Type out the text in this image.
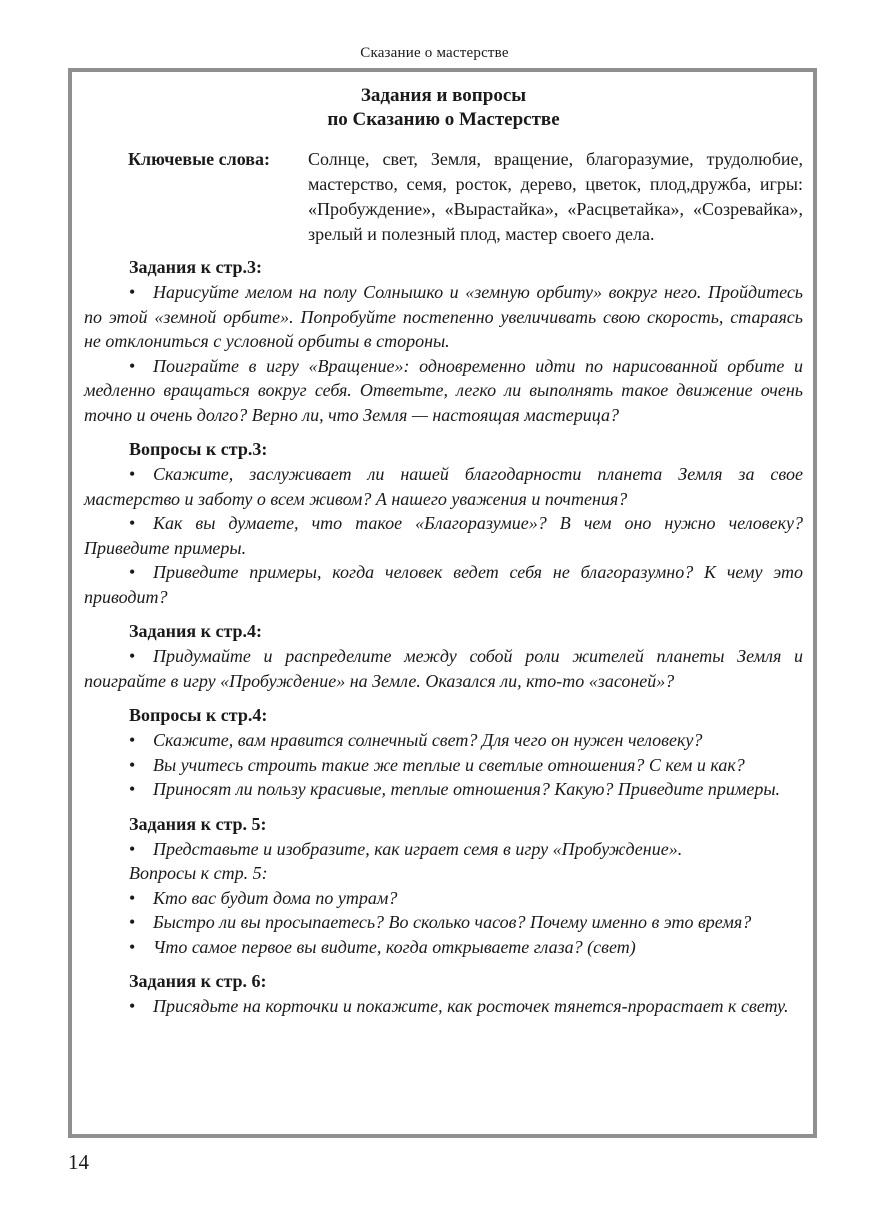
Сказание о мастерстве
Задания и вопросы
по Сказанию о Мастерстве
Ключевые слова:	Солнце, свет, Земля, вращение, благоразумие, трудолюбие, мастерство, семя, росток, дерево, цветок, плод,дружба, игры: «Пробуждение», «Вырастайка», «Расцветайка», «Созревайка», зрелый и полезный плод, мастер своего дела.
Задания к стр.3:

• Нарисуйте мелом на полу Солнышко и «земную орбиту» вокруг него. Пройдитесь по этой «земной орбите». Попробуйте постепенно увеличивать свою скорость, стараясь не отклониться с условной орбиты в стороны.

• Поиграйте в игру «Вращение»: одновременно идти по нарисованной орбите и медленно вращаться вокруг себя. Ответьте, легко ли выполнять такое движение очень точно и очень долго? Верно ли, что Земля — настоящая мастерица?

Вопросы к стр.3:

• Скажите, заслуживает ли нашей благодарности планета Земля за свое мастерство и заботу о всем живом? А нашего уважения и почтения?

• Как вы думаете, что такое «Благоразумие»? В чем оно нужно человеку? Приведите примеры.

• Приведите примеры, когда человек ведет себя не благоразумно? К чему это приводит?

Задания к стр.4:

• Придумайте и распределите между собой роли жителей планеты Земля и поиграйте в игру «Пробуждение» на Земле. Оказался ли, кто-то «засоней»?

Вопросы к стр.4:

• Скажите, вам нравится солнечный свет? Для чего он нужен человеку?

• Вы учитесь строить такие же теплые и светлые отношения? С кем и как?

• Приносят ли пользу красивые, теплые отношения? Какую? Приведите примеры.

Задания к стр. 5:

• Представьте и изобразите, как играет семя в игру «Пробуждение».

Вопросы к стр. 5:

• Кто вас будит дома по утрам?

• Быстро ли вы просыпаетесь? Во сколько часов? Почему именно в это время?

• Что самое первое вы видите, когда открываете глаза? (свет)

Задания к стр. 6:

• Присядьте на корточки и покажите, как росточек тянется-прорастает к свету.

14
